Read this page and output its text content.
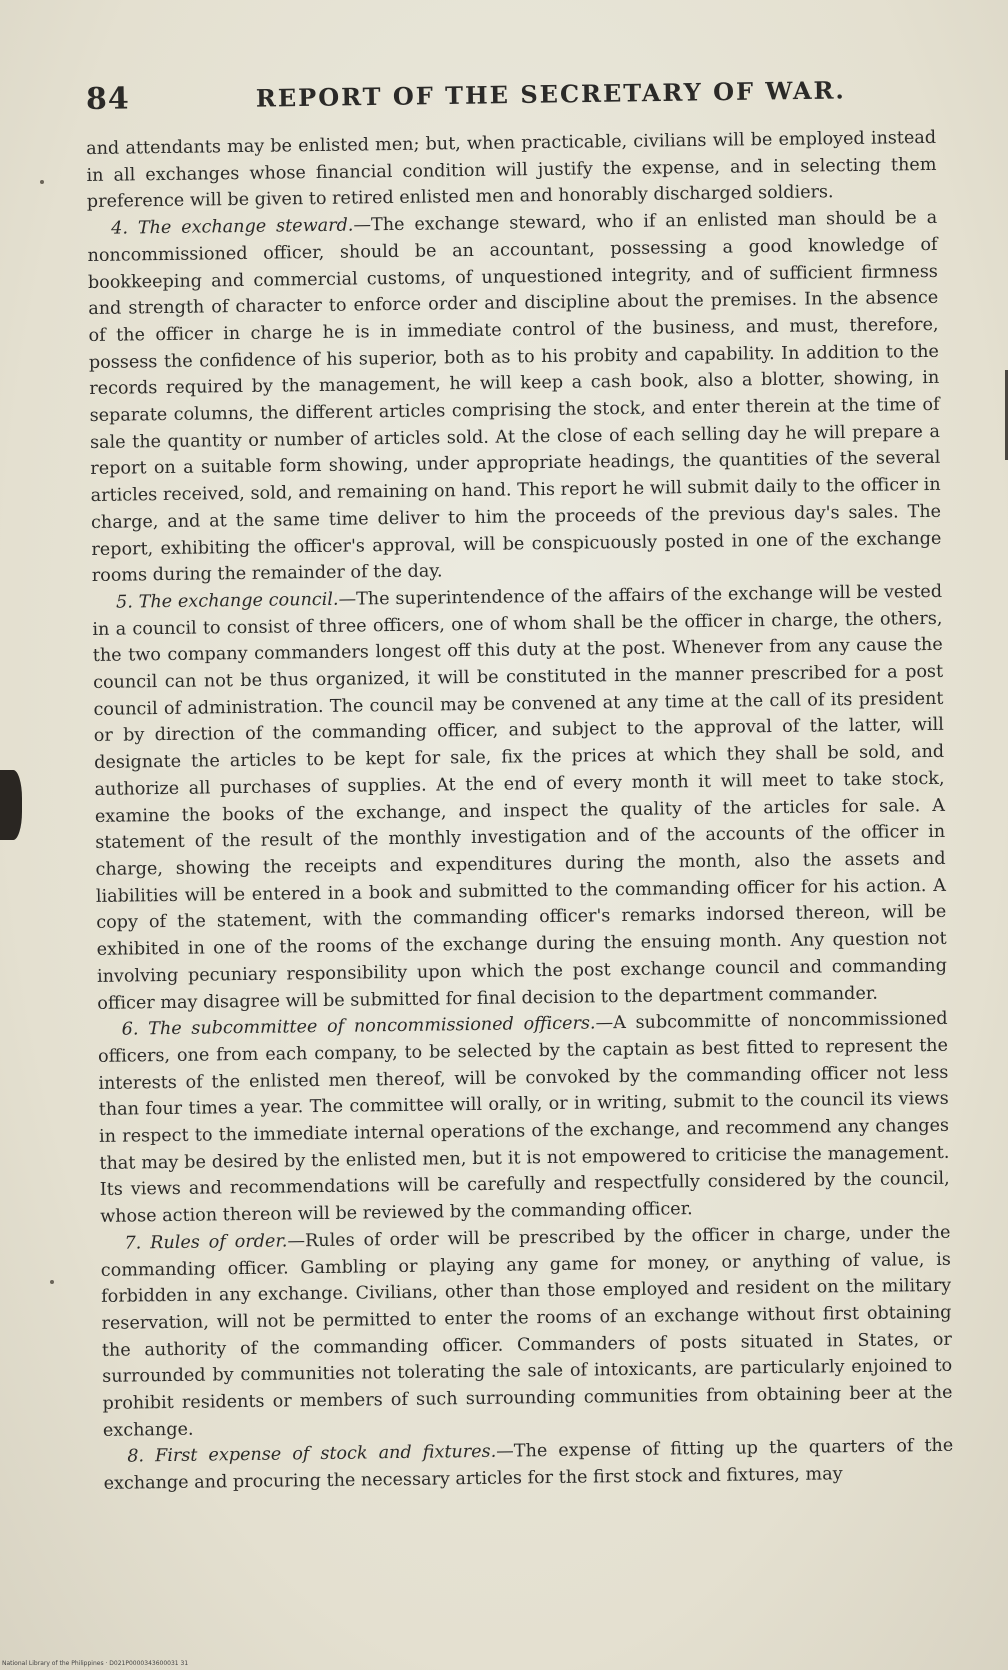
84	REPORT OF THE SECRETARY OF WAR.

and attendants may be enlisted men; but, when practicable, civilians will be employed instead in all exchanges whose financial condition will justify the expense, and in selecting them preference will be given to retired enlisted men and honorably discharged soldiers.

4. The exchange steward.—The exchange steward, who if an enlisted man should be a noncommissioned officer, should be an accountant, possessing a good knowledge of bookkeeping and commercial customs, of unquestioned integrity, and of sufficient firmness and strength of character to enforce order and discipline about the premises. In the absence of the officer in charge he is in immediate control of the business, and must, therefore, possess the confidence of his superior, both as to his probity and capability. In addition to the records required by the management, he will keep a cash book, also a blotter, showing, in separate columns, the different articles comprising the stock, and enter therein at the time of sale the quantity or number of articles sold. At the close of each selling day he will prepare a report on a suitable form showing, under appropriate headings, the quantities of the several articles received, sold, and remaining on hand. This report he will submit daily to the officer in charge, and at the same time deliver to him the proceeds of the previous day's sales. The report, exhibiting the officer's approval, will be conspicuously posted in one of the exchange rooms during the remainder of the day.

5. The exchange council.—The superintendence of the affairs of the exchange will be vested in a council to consist of three officers, one of whom shall be the officer in charge, the others, the two company commanders longest off this duty at the post. Whenever from any cause the council can not be thus organized, it will be constituted in the manner prescribed for a post council of administration. The council may be convened at any time at the call of its president or by direction of the commanding officer, and subject to the approval of the latter, will designate the articles to be kept for sale, fix the prices at which they shall be sold, and authorize all purchases of supplies. At the end of every month it will meet to take stock, examine the books of the exchange, and inspect the quality of the articles for sale. A statement of the result of the monthly investigation and of the accounts of the officer in charge, showing the receipts and expenditures during the month, also the assets and liabilities will be entered in a book and submitted to the commanding officer for his action. A copy of the statement, with the commanding officer's remarks indorsed thereon, will be exhibited in one of the rooms of the exchange during the ensuing month. Any question not involving pecuniary responsibility upon which the post exchange council and commanding officer may disagree will be submitted for final decision to the department commander.

6. The subcommittee of noncommissioned officers.—A subcommitte of noncommissioned officers, one from each company, to be selected by the captain as best fitted to represent the interests of the enlisted men thereof, will be convoked by the commanding officer not less than four times a year. The committee will orally, or in writing, submit to the council its views in respect to the immediate internal operations of the exchange, and recommend any changes that may be desired by the enlisted men, but it is not empowered to criticise the management. Its views and recommendations will be carefully and respectfully considered by the council, whose action thereon will be reviewed by the commanding officer.

7. Rules of order.—Rules of order will be prescribed by the officer in charge, under the commanding officer. Gambling or playing any game for money, or anything of value, is forbidden in any exchange. Civilians, other than those employed and resident on the military reservation, will not be permitted to enter the rooms of an exchange without first obtaining the authority of the commanding officer. Commanders of posts situated in States, or surrounded by communities not tolerating the sale of intoxicants, are particularly enjoined to prohibit residents or members of such surrounding communities from obtaining beer at the exchange.

8. First expense of stock and fixtures.—The expense of fitting up the quarters of the exchange and procuring the necessary articles for the first stock and fixtures, may

National Library of the Philippines · D021P0000343600031 31
